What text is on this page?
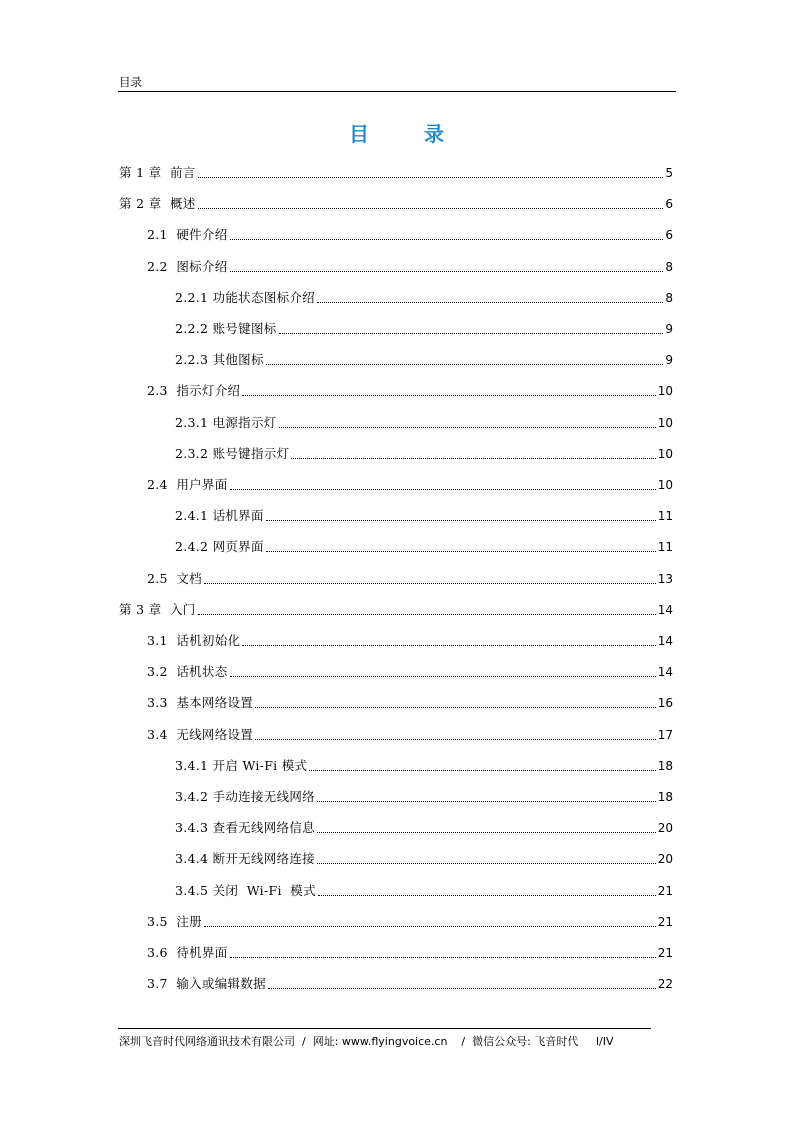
目录
目 录
第 1 章  前言	5
第 2 章  概述	6
2.1  硬件介绍	6
2.2  图标介绍	8
2.2.1 功能状态图标介绍	8
2.2.2 账号键图标	9
2.2.3 其他图标	9
2.3  指示灯介绍	10
2.3.1 电源指示灯	10
2.3.2 账号键指示灯	10
2.4  用户界面	10
2.4.1 话机界面	11
2.4.2 网页界面	11
2.5  文档	13
第 3 章  入门	14
3.1  话机初始化	14
3.2  话机状态	14
3.3  基本网络设置	16
3.4  无线网络设置	17
3.4.1 开启 Wi-Fi 模式	18
3.4.2 手动连接无线网络	18
3.4.3 查看无线网络信息	20
3.4.4 断开无线网络连接	20
3.4.5 关闭  Wi-Fi  模式	21
3.5  注册	21
3.6  待机界面	21
3.7  输入或编辑数据	22
深圳飞音时代网络通讯技术有限公司  /  网址: www.flyingvoice.cn    /  微信公众号: 飞音时代     I/IV
